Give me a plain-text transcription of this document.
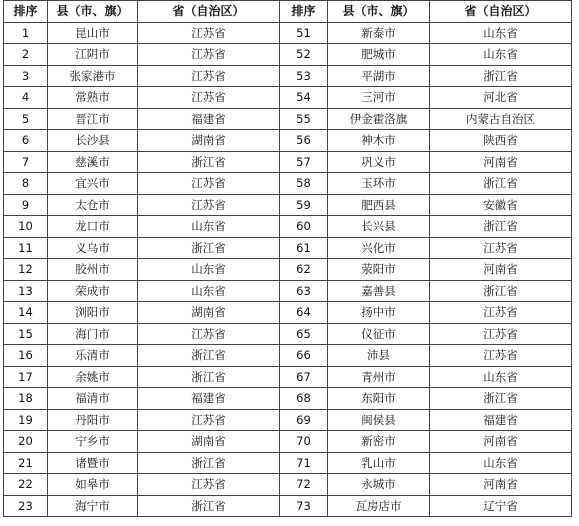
排序	县（市、旗）	省（自治区）	排序	县（市、旗）	省（自治区）
1	昆山市	江苏省	51	新泰市	山东省
2	江阴市	江苏省	52	肥城市	山东省
3	张家港市	江苏省	53	平湖市	浙江省
4	常熟市	江苏省	54	三河市	河北省
5	晋江市	福建省	55	伊金霍洛旗	内蒙古自治区
6	长沙县	湖南省	56	神木市	陕西省
7	慈溪市	浙江省	57	巩义市	河南省
8	宜兴市	江苏省	58	玉环市	浙江省
9	太仓市	江苏省	59	肥西县	安徽省
10	龙口市	山东省	60	长兴县	浙江省
11	义乌市	浙江省	61	兴化市	江苏省
12	胶州市	山东省	62	荥阳市	河南省
13	荣成市	山东省	63	嘉善县	浙江省
14	浏阳市	湖南省	64	扬中市	江苏省
15	海门市	江苏省	65	仪征市	江苏省
16	乐清市	浙江省	66	沛县	江苏省
17	余姚市	浙江省	67	青州市	山东省
18	福清市	福建省	68	东阳市	浙江省
19	丹阳市	江苏省	69	闽侯县	福建省
20	宁乡市	湖南省	70	新密市	河南省
21	诸暨市	浙江省	71	乳山市	山东省
22	如皋市	江苏省	72	永城市	河南省
23	海宁市	浙江省	73	瓦房店市	辽宁省
